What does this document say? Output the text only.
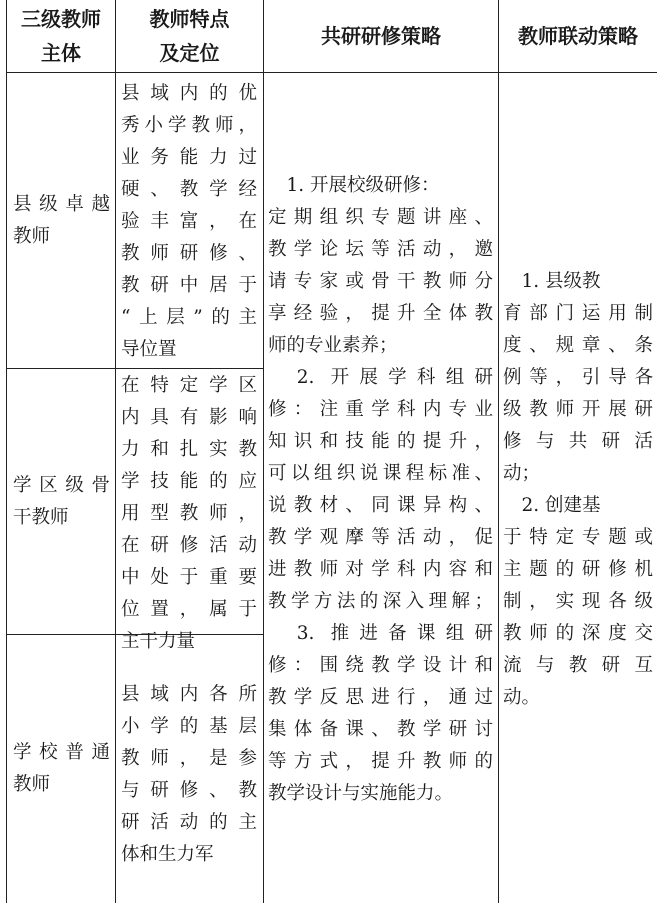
三级教师
主体
教师特点
及定位
共研研修策略	教师联动策略
县级卓越
教师
县域内的优
秀小学教师，
业务能力过
硬、教学经
验丰富，在
教师研修、
教研中居于
“上层”的主
导位置
学区级骨
干教师
在特定学区
内具有影响
力和扎实教
学技能的应
用型教师，
在研修活动
中处于重要
位置，属于
主干力量
学校普通
教师
县域内各所
小学的基层
教师，是参
与研修、教
研活动的主
体和生力军
　1. 开展校级研修：
定期组织专题讲座、
教学论坛等活动，邀
请专家或骨干教师分
享经验，提升全体教
师的专业素养；
　2. 开展学科组研
修：注重学科内专业
知识和技能的提升，
可以组织说课程标准、
说教材、同课异构、
教学观摩等活动，促
进教师对学科内容和
教学方法的深入理解；
　3. 推进备课组研
修：围绕教学设计和
教学反思进行，通过
集体备课、教学研讨
等方式，提升教师的
教学设计与实施能力。
　1. 县级教
育部门运用制
度、规章、条
例等，引导各
级教师开展研
修与共研活
动；
　2. 创建基
于特定专题或
主题的研修机
制，实现各级
教师的深度交
流与教研互
动。
